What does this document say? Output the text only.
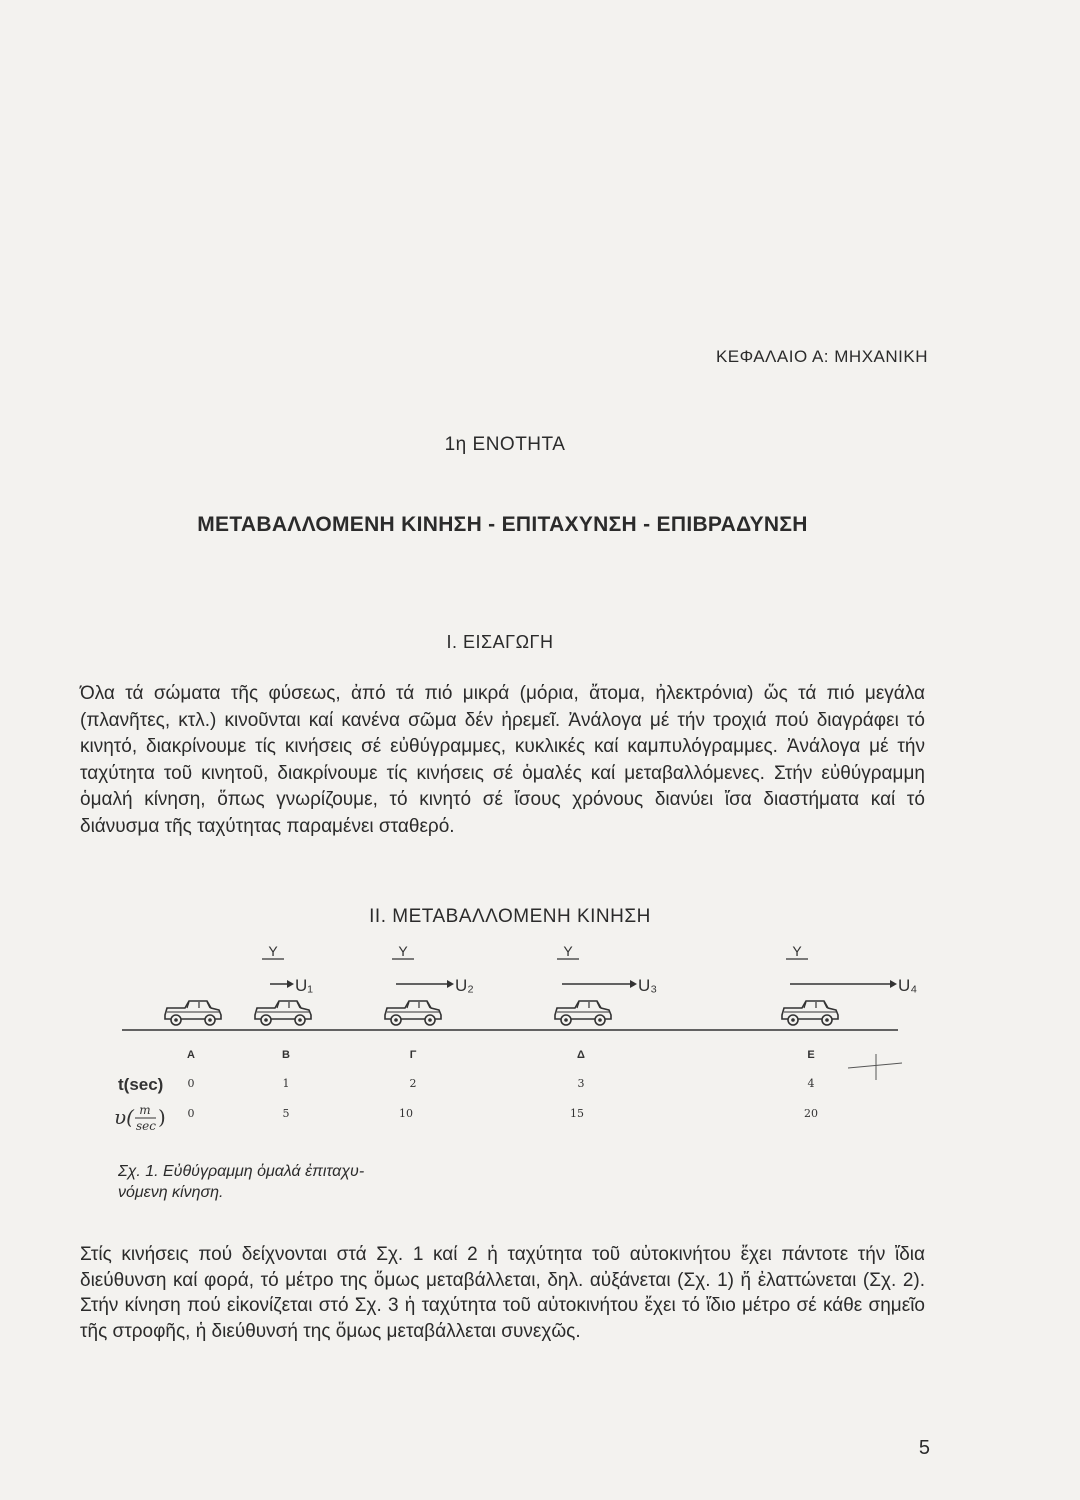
ΚΕΦΑΛΑΙΟ Α: ΜΗΧΑΝΙΚΗ
1η ΕΝΟΤΗΤΑ
ΜΕΤΑΒΑΛΛΟΜΕΝΗ ΚΙΝΗΣΗ - ΕΠΙΤΑΧΥΝΣΗ - ΕΠΙΒΡΑΔΥΝΣΗ
I. ΕΙΣΑΓΩΓΗ
Όλα τά σώματα τῆς φύσεως, ἀπό τά πιό μικρά (μόρια, ἄτομα, ἠλεκτρόνια) ὥς τά πιό μεγάλα (πλανῆτες, κτλ.) κινοῦνται καί κανένα σῶμα δέν ἠρεμεῖ. Ἀνάλογα μέ τήν τροχιά πού διαγράφει τό κινητό, διακρίνουμε τίς κινήσεις σέ εὐθύγραμμες, κυκλικές καί καμπυλόγραμμες. Ἀνάλογα μέ τήν ταχύτητα τοῦ κινητοῦ, διακρίνουμε τίς κινήσεις σέ ὁμαλές καί μεταβαλλόμενες. Στήν εὐθύγραμμη ὁμαλή κίνηση, ὅπως γνωρίζουμε, τό κινητό σέ ἴσους χρόνους διανύει ἴσα διαστήματα καί τό διάνυσμα τῆς ταχύτητας παραμένει σταθερό.
II. ΜΕΤΑΒΑΛΛΟΜΕΝΗ ΚΙΝΗΣΗ
Y	Y	Y	Y
U₁	U₂	U₃	U₄
Α	Β	Γ	Δ	Ε
t(sec) 0	1	2	3	4
υ( m
sec ) 0	5	10	15	20
Σχ. 1. Εὐθύγραμμη ὁμαλά ἐπιταχυ-
νόμενη κίνηση.
Στίς κινήσεις πού δείχνονται στά Σχ. 1 καί 2 ἡ ταχύτητα τοῦ αὐτοκινήτου ἔχει πάντοτε τήν ἴδια διεύθυνση καί φορά, τό μέτρο της ὅμως μεταβάλλεται, δηλ. αὐξάνεται (Σχ. 1) ἤ ἐλαττώνεται (Σχ. 2). Στήν κίνηση πού εἰκονίζεται στό Σχ. 3 ἡ ταχύτητα τοῦ αὐτοκινήτου ἔχει τό ἴδιο μέτρο σέ κάθε σημεῖο τῆς στροφῆς, ἡ διεύθυνσή της ὅμως μεταβάλλεται συνεχῶς.
5
